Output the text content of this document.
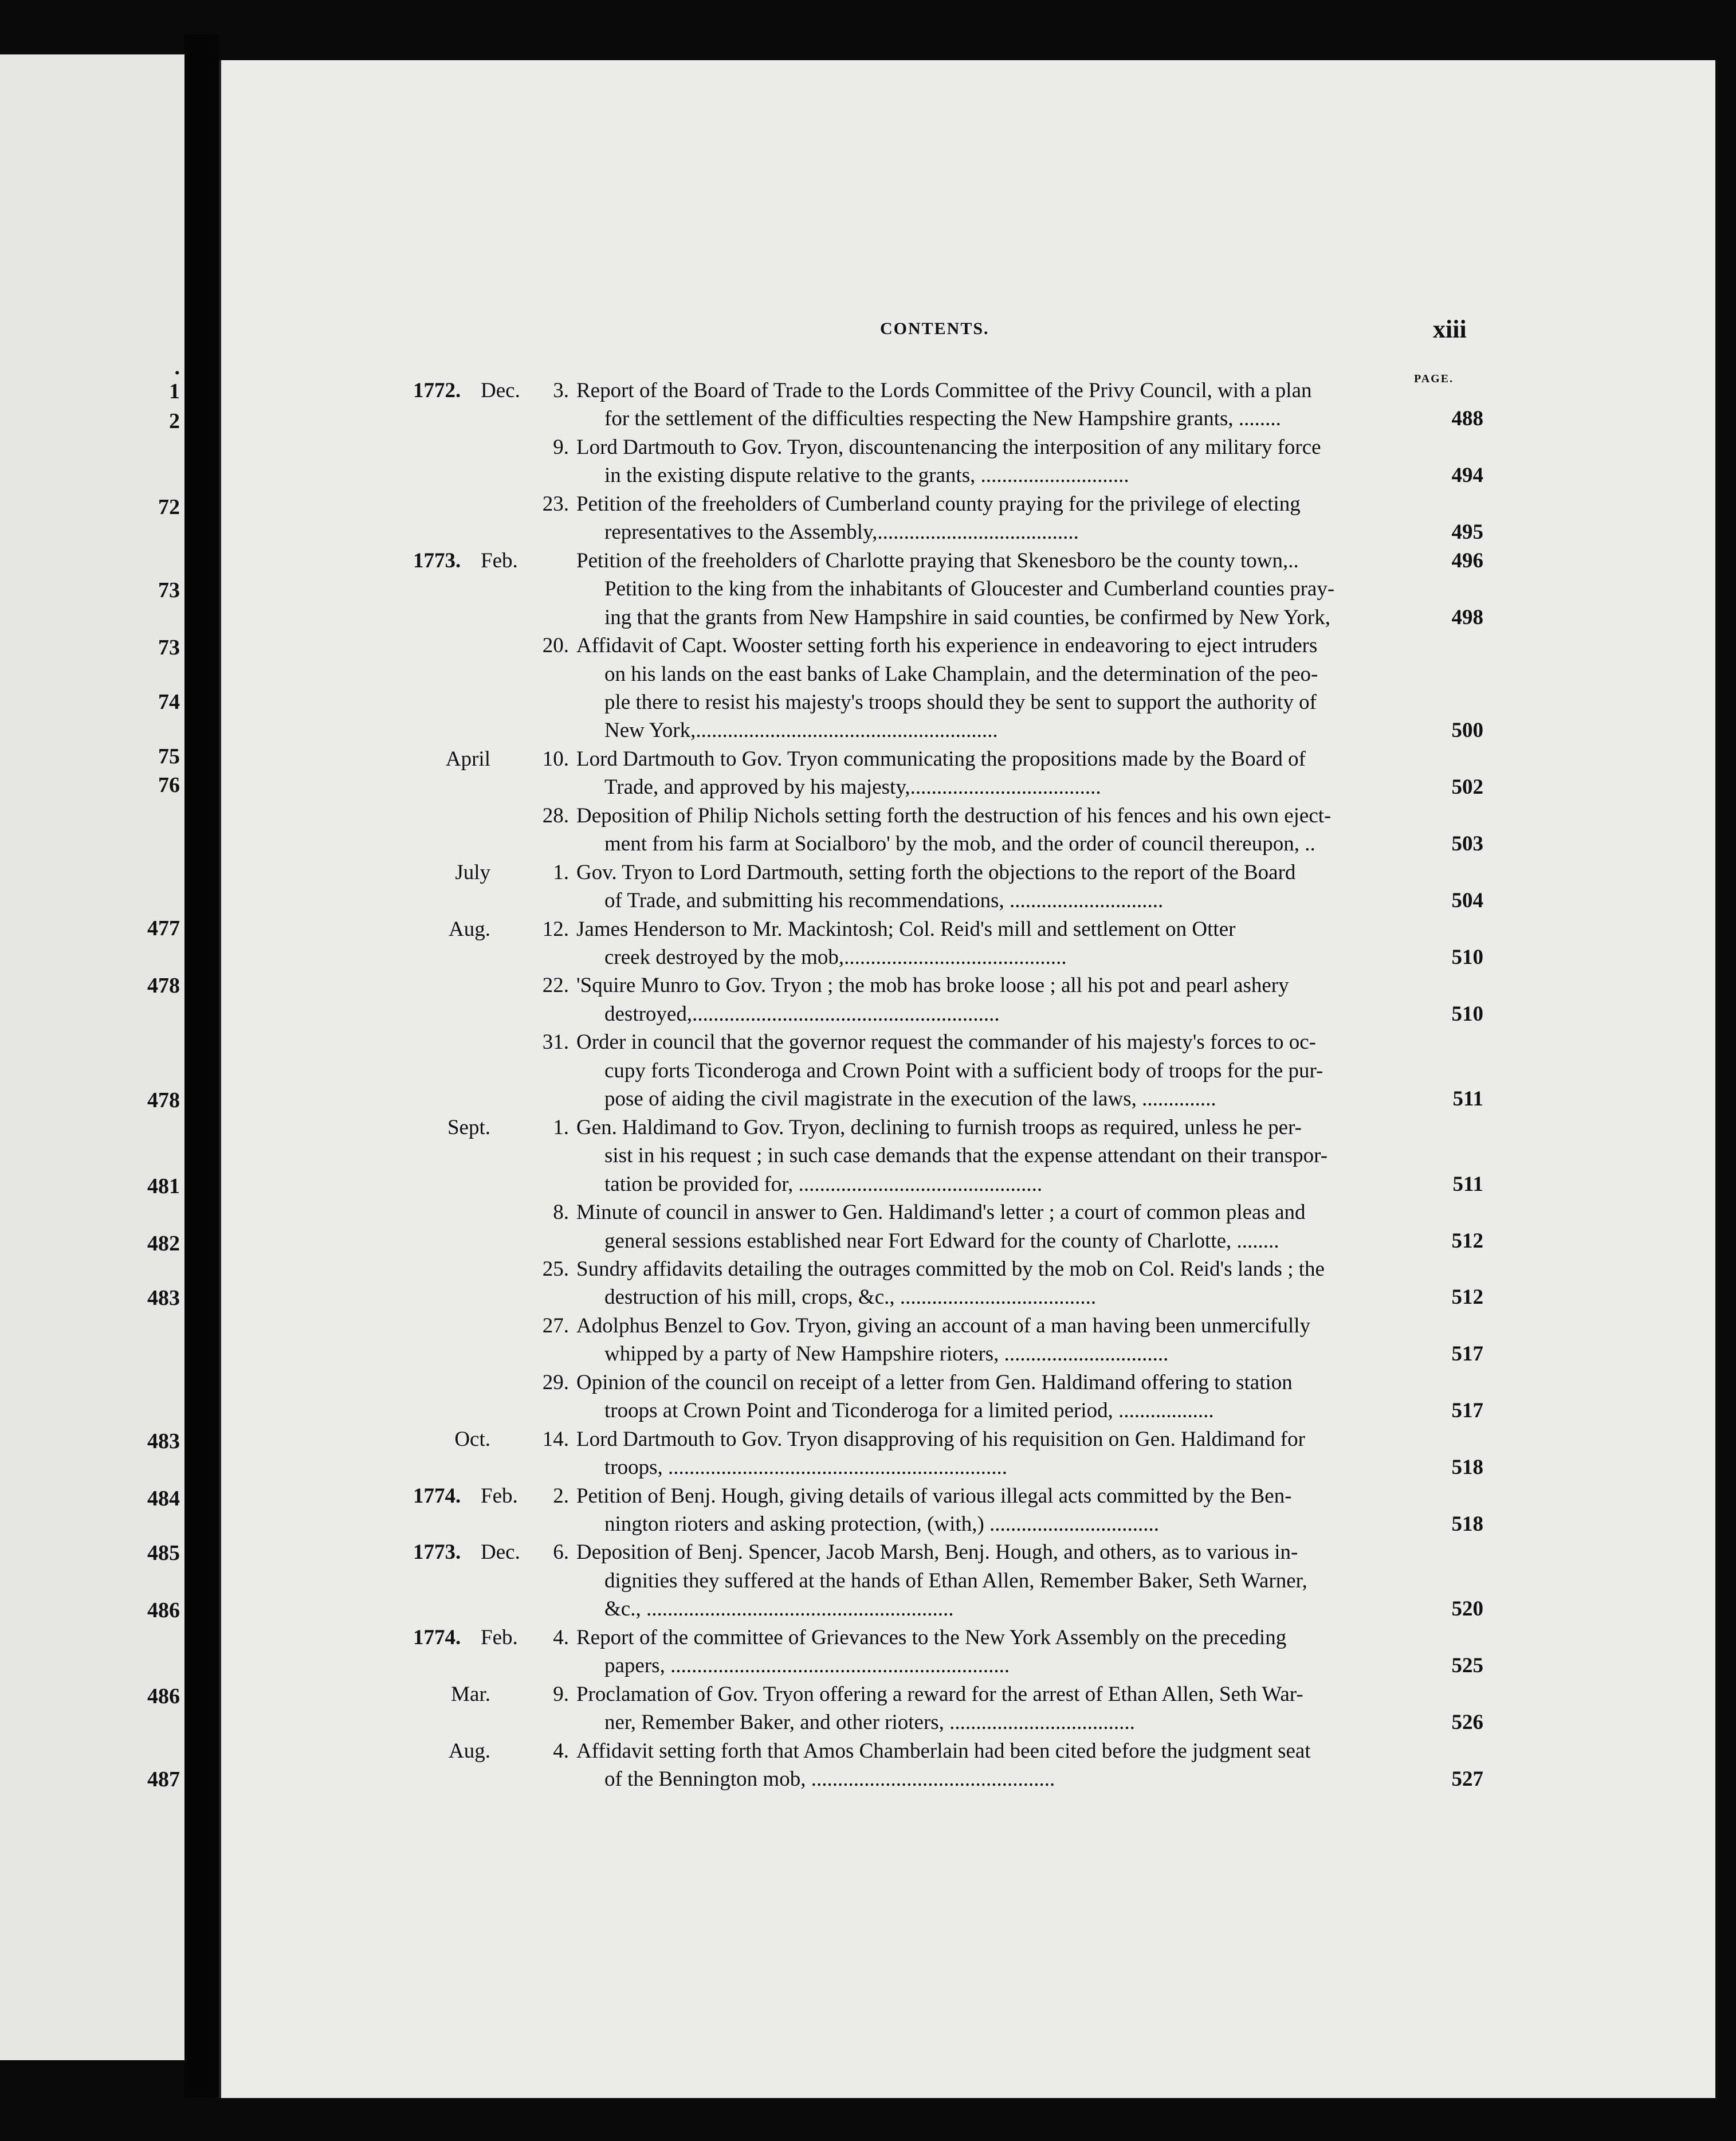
.
1
2
72
73
73
74
75
76
477
478
478
481
482
483
483
484
485
486
486
487
CONTENTS.	xiii
PAGE.
1772. Dec.	3. Report of the Board of Trade to the Lords Committee of the Privy Council, with a plan
for the settlement of the difficulties respecting the New Hampshire grants, ........	488
9. Lord Dartmouth to Gov. Tryon, discountenancing the interposition of any military force
in the existing dispute relative to the grants, ............................	494
23. Petition of the freeholders of Cumberland county praying for the privilege of electing
representatives to the Assembly,......................................	495
1773. Feb.	Petition of the freeholders of Charlotte praying that Skenesboro be the county town,..	496
Petition to the king from the inhabitants of Gloucester and Cumberland counties pray-
ing that the grants from New Hampshire in said counties, be confirmed by New York,	498
20. Affidavit of Capt. Wooster setting forth his experience in endeavoring to eject intruders
on his lands on the east banks of Lake Champlain, and the determination of the peo-
ple there to resist his majesty's troops should they be sent to support the authority of
New York,.........................................................	500
April	10. Lord Dartmouth to Gov. Tryon communicating the propositions made by the Board of
Trade, and approved by his majesty,....................................	502
28. Deposition of Philip Nichols setting forth the destruction of his fences and his own eject-
ment from his farm at Socialboro' by the mob, and the order of council thereupon, ..	503
July	1. Gov. Tryon to Lord Dartmouth, setting forth the objections to the report of the Board
of Trade, and submitting his recommendations, .............................	504
Aug.	12. James Henderson to Mr. Mackintosh; Col. Reid's mill and settlement on Otter
creek destroyed by the mob,..........................................	510
22. 'Squire Munro to Gov. Tryon ; the mob has broke loose ; all his pot and pearl ashery
destroyed,..........................................................	510
31. Order in council that the governor request the commander of his majesty's forces to oc-
cupy forts Ticonderoga and Crown Point with a sufficient body of troops for the pur-
pose of aiding the civil magistrate in the execution of the laws, ..............	511
Sept.	1. Gen. Haldimand to Gov. Tryon, declining to furnish troops as required, unless he per-
sist in his request ; in such case demands that the expense attendant on their transpor-
tation be provided for, ..............................................	511
8. Minute of council in answer to Gen. Haldimand's letter ; a court of common pleas and
general sessions established near Fort Edward for the county of Charlotte, ........	512
25. Sundry affidavits detailing the outrages committed by the mob on Col. Reid's lands ; the
destruction of his mill, crops, &c., .....................................	512
27. Adolphus Benzel to Gov. Tryon, giving an account of a man having been unmercifully
whipped by a party of New Hampshire rioters, ...............................	517
29. Opinion of the council on receipt of a letter from Gen. Haldimand offering to station
troops at Crown Point and Ticonderoga for a limited period, ..................	517
Oct.	14. Lord Dartmouth to Gov. Tryon disapproving of his requisition on Gen. Haldimand for
troops, ................................................................	518
1774. Feb.	2. Petition of Benj. Hough, giving details of various illegal acts committed by the Ben-
nington rioters and asking protection, (with,) ................................	518
1773. Dec.	6. Deposition of Benj. Spencer, Jacob Marsh, Benj. Hough, and others, as to various in-
dignities they suffered at the hands of Ethan Allen, Remember Baker, Seth Warner,
&c., ..........................................................	520
1774. Feb.	4. Report of the committee of Grievances to the New York Assembly on the preceding
papers, ................................................................	525
Mar.	9. Proclamation of Gov. Tryon offering a reward for the arrest of Ethan Allen, Seth War-
ner, Remember Baker, and other rioters, ...................................	526
Aug.	4. Affidavit setting forth that Amos Chamberlain had been cited before the judgment seat
of the Bennington mob, ..............................................	527
